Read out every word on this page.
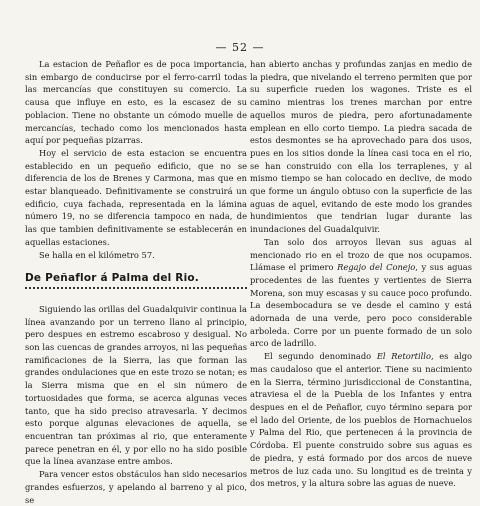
— 52 —

La estacion de Peñaflor es de poca importancia, sin embargo de conducirse por el ferro-carril todas las mercancías que constituyen su comercio. La causa que influye en esto, es la escasez de su poblacion. Tiene no obstante un cómodo muelle de mercancías, techado como los mencionados hasta aquí por pequeñas pizarras.

Hoy el servicio de esta estacion se encuentra establecido en un pequeño edificio, que no se diferencia de los de Brenes y Carmona, mas que en estar blanqueado. Definitivamente se construirá un edificio, cuya fachada, representada en la lámina número 19, no se diferencia tampoco en nada, de las que tambien definitivamente se establecerán en aquellas estaciones.

Se halla en el kilómetro 57.

De Peñaflor á Palma del Rio.

Siguiendo las orillas del Guadalquivir continua la línea avanzando por un terreno llano al principio, pero despues en estremo escabroso y desigual. No son las cuencas de grandes arroyos, ni las pequeñas ramificaciones de la Sierra, las que forman las grandes ondulaciones que en este trozo se notan; es la Sierra misma que en el sin número de tortuosidades que forma, se acerca algunas veces tanto, que ha sido preciso atravesarla. Y decimos esto porque algunas elevaciones de aquella, se encuentran tan próximas al rio, que enteramente parece penetran en él, y por ello no ha sido posible que la línea avanzase entre ambos.

Para vencer estos obstáculos han sido necesarios grandes esfuerzos, y apelando al barreno y al pico, se

han abierto anchas y profundas zanjas en medio de la piedra, que nivelando el terreno permiten que por su superficie rueden los wagones. Triste es el camino mientras los trenes marchan por entre aquellos muros de piedra, pero afortunadamente emplean en ello corto tiempo. La piedra sacada de estos desmontes se ha aprovechado para dos usos, pues en los sitios donde la línea casi toca en el rio, se han construido con ella los terraplenes, y al mismo tiempo se han colocado en declive, de modo que forme un ángulo obtuso con la superficie de las aguas de aquel, evitando de este modo los grandes hundimientos que tendrian lugar durante las inundaciones del Guadalquivir.

Tan solo dos arroyos llevan sus aguas al mencionado rio en el trozo de que nos ocupamos. Llámase el primero Regajo del Conejo, y sus aguas procedentes de las fuentes y vertientes de Sierra Morena, son muy escasas y su cauce poco profundo. La desembocadura se ve desde el camino y está adornada de una verde, pero poco considerable arboleda. Corre por un puente formado de un solo arco de ladrillo.

El segundo denominado El Retortillo, es algo mas caudaloso que el anterior. Tiene su nacimiento en la Sierra, término jurisdiccional de Constantina, atraviesa el de la Puebla de los Infantes y entra despues en el de Peñaflor, cuyo término separa por el lado del Oriente, de los pueblos de Hornachuelos y Palma del Rio, que pertenecen á la provincia de Córdoba. El puente construido sobre sus aguas es de piedra, y está formado por dos arcos de nueve metros de luz cada uno. Su longitud es de treinta y dos metros, y la altura sobre las aguas de nueve.
